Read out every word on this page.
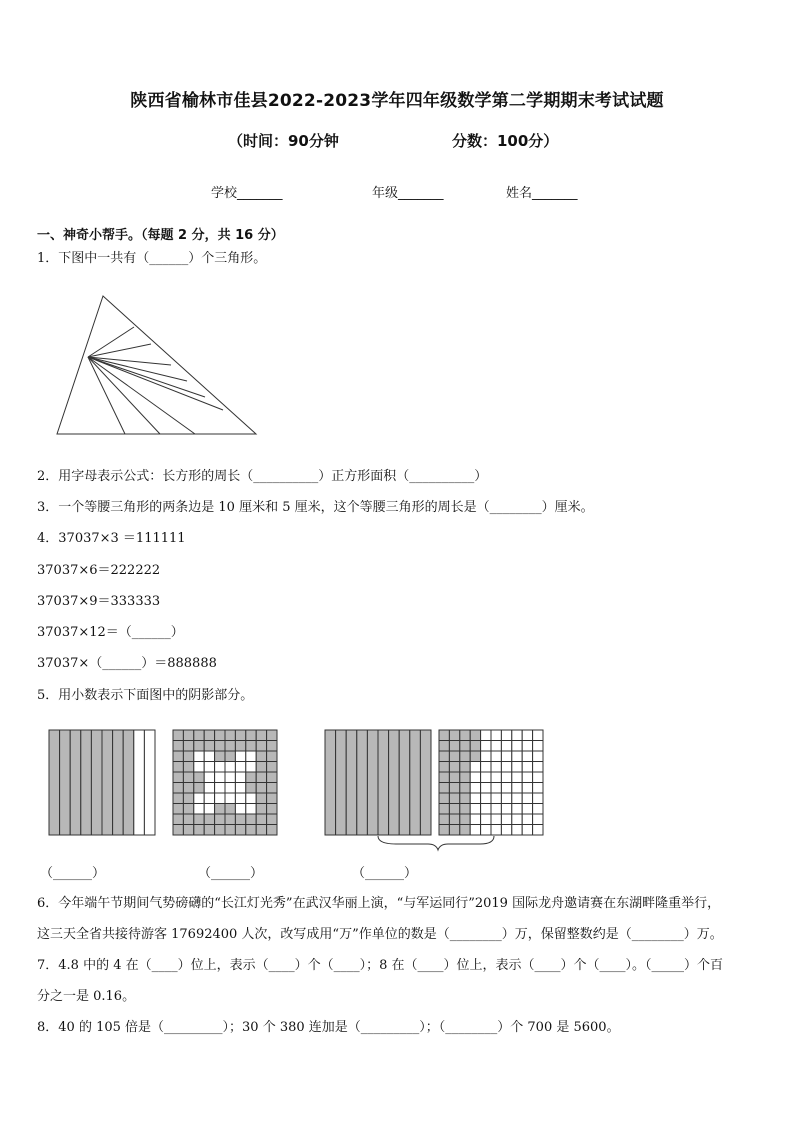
陕西省榆林市佳县2022-2023学年四年级数学第二学期期末考试试题
（时间：90分钟	分数：100分）
学校_______	年级_______	姓名_______
一、神奇小帮手。（每题 2 分，共 16 分）
1．下图中一共有（______）个三角形。
2．用字母表示公式：长方形的周长（__________）正方形面积（__________）
3．一个等腰三角形的两条边是 10 厘米和 5 厘米，这个等腰三角形的周长是（________）厘米。
4．37037×3 ＝111111
37037×6＝222222
37037×9＝333333
37037×12＝（______）
37037×（______）＝888888
5．用小数表示下面图中的阴影部分。
（______）	（______）	（______）
6．今年端午节期间气势磅礴的“长江灯光秀”在武汉华丽上演，“与军运同行”2019 国际龙舟邀请赛在东湖畔隆重举行，
这三天全省共接待游客 17692400 人次，改写成用“万”作单位的数是（________）万，保留整数约是（________）万。
7．4.8 中的 4 在（____）位上，表示（____）个（____）；8 在（____）位上，表示（____）个（____）。（_____）个百
分之一是 0.16。
8．40 的 105 倍是（_________）；30 个 380 连加是（_________）；（________）个 700 是 5600。
